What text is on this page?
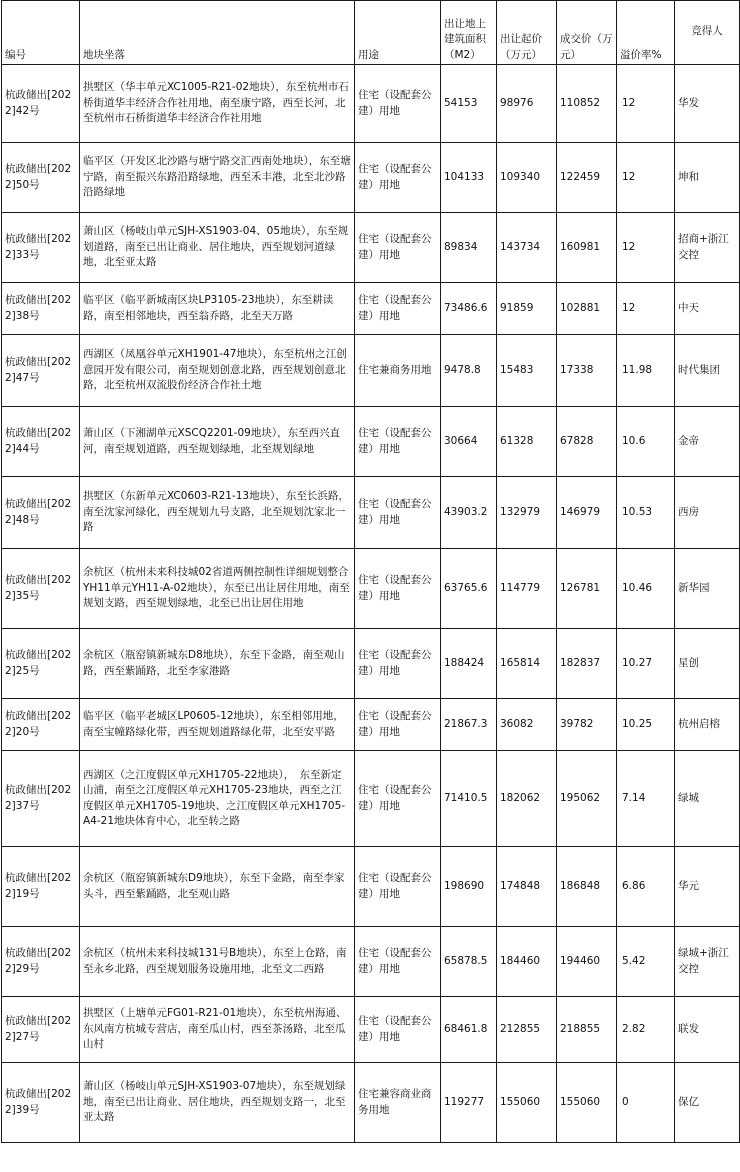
编号	地块坐落	用途	出让地上建筑面积（M2）	出让起价（万元）	成交价（万元）	溢价率%	竞得人
杭政储出[2022]42号	拱墅区（华丰单元XC1005-R21-02地块），东至杭州市石桥街道华丰经济合作社用地，南至康宁路，西至长河，北至杭州市石桥街道华丰经济合作社用地	住宅（设配套公建）用地	54153	98976	110852	12	华发
杭政储出[2022]50号	临平区（开发区北沙路与塘宁路交汇西南处地块），东至塘宁路，南至振兴东路沿路绿地，西至禾丰港，北至北沙路沿路绿地	住宅（设配套公建）用地	104133	109340	122459	12	坤和
杭政储出[2022]33号	萧山区（杨岐山单元SJH-XS1903-04、05地块），东至规划道路，南至已出让商业、居住地块，西至规划河道绿地，北至亚太路	住宅（设配套公建）用地	89834	143734	160981	12	招商+浙江交控
杭政储出[2022]38号	临平区（临平新城南区块LP3105-23地块），东至耕读路，南至相邻地块，西至翁乔路，北至天万路	住宅（设配套公建）用地	73486.6	91859	102881	12	中天
杭政储出[2022]47号	西湖区（凤凰谷单元XH1901-47地块），东至杭州之江创意园开发有限公司，南至规划创意北路，西至规划创意北路，北至杭州双流股份经济合作社土地	住宅兼商务用地	9478.8	15483	17338	11.98	时代集团
杭政储出[2022]44号	萧山区（下湘湖单元XSCQ2201-09地块），东至西兴直河，南至规划道路，西至规划绿地，北至规划绿地	住宅（设配套公建）用地	30664	61328	67828	10.6	金帝
杭政储出[2022]48号	拱墅区（东新单元XC0603-R21-13地块），东至长浜路，南至沈家河绿化，西至规划九号支路，北至规划沈家北一路	住宅（设配套公建）用地	43903.2	132979	146979	10.53	西房
杭政储出[2022]35号	余杭区（杭州未来科技城02省道两侧控制性详细规划整合YH11单元YH11-A-02地块），东至已出让居住用地，南至规划支路，西至规划绿地，北至已出让居住用地	住宅（设配套公建）用地	63765.6	114779	126781	10.46	新华园
杭政储出[2022]25号	余杭区（瓶窑镇新城东D8地块），东至下金路，南至观山路，西至紫踊路，北至李家港路	住宅（设配套公建）用地	188424	165814	182837	10.27	星创
杭政储出[2022]20号	临平区（临平老城区LP0605-12地块），东至相邻用地，南至宝幢路绿化带，西至规划道路绿化带，北至安平路	住宅（设配套公建）用地	21867.3	36082	39782	10.25	杭州启榕
杭政储出[2022]37号	西湖区（之江度假区单元XH1705-22地块），　东至新定山浦，南至之江度假区单元XH1705-23地块，西至之江度假区单元XH1705-19地块、之江度假区单元XH1705-A4-21地块体育中心，北至转之路	住宅（设配套公建）用地	71410.5	182062	195062	7.14	绿城
杭政储出[2022]19号	余杭区（瓶窑镇新城东D9地块），东至下金路，南至李家头斗，西至紫踊路，北至观山路	住宅（设配套公建）用地	198690	174848	186848	6.86	华元
杭政储出[2022]29号	余杭区（杭州未来科技城131号B地块），东至上仓路，南至永乡北路，西至规划服务设施用地，北至文二西路	住宅（设配套公建）用地	65878.5	184460	194460	5.42	绿城+浙江交控
杭政储出[2022]27号	拱墅区（上塘单元FG01-R21-01地块），东至杭州海通、东风南方杭城专营店，南至瓜山村，西至茶汤路，北至瓜山村	住宅（设配套公建）用地	68461.8	212855	218855	2.82	联发
杭政储出[2022]39号	萧山区（杨岐山单元SJH-XS1903-07地块），东至规划绿地，南至已出让商业、居住地块，西至规划支路一，北至亚太路	住宅兼容商业商务用地	119277	155060	155060	0	保亿
